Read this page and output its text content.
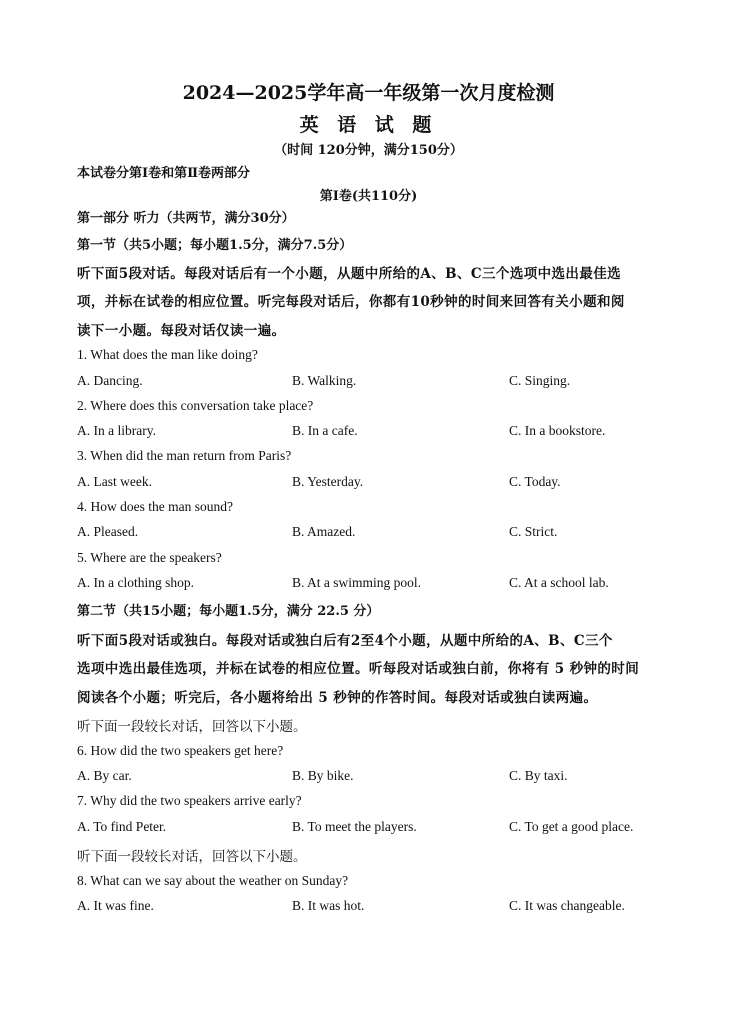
2024—2025学年高一年级第一次月度检测
英 语 试 题
（时间 120分钟，满分150分）
本试卷分第Ⅰ卷和第Ⅱ卷两部分
第Ⅰ卷(共110分)
第一部分 听力（共两节，满分30分）
第一节（共5小题；每小题1.5分，满分7.5分）
听下面5段对话。每段对话后有一个小题，从题中所给的A、B、C三个选项中选出最佳选
项，并标在试卷的相应位置。听完每段对话后，你都有10秒钟的时间来回答有关小题和阅
读下一小题。每段对话仅读一遍。
1. What does the man like doing?
A. Dancing.	B. Walking.	C. Singing.
2. Where does this conversation take place?
A. In a library.	B. In a cafe.	C. In a bookstore.
3. When did the man return from Paris?
A. Last week.	B. Yesterday.	C. Today.
4. How does the man sound?
A. Pleased.	B. Amazed.	C. Strict.
5. Where are the speakers?
A. In a clothing shop.	B. At a swimming pool.	C. At a school lab.
第二节（共15小题；每小题1.5分，满分 22.5 分）
听下面5段对话或独白。每段对话或独白后有2至4个小题，从题中所给的A、B、C三个
选项中选出最佳选项，并标在试卷的相应位置。听每段对话或独白前，你将有 5 秒钟的时间
阅读各个小题；听完后，各小题将给出 5 秒钟的作答时间。每段对话或独白读两遍。
听下面一段较长对话，回答以下小题。
6. How did the two speakers get here?
A. By car.	B. By bike.	C. By taxi.
7. Why did the two speakers arrive early?
A. To find Peter.	B. To meet the players.	C. To get a good place.
听下面一段较长对话，回答以下小题。
8. What can we say about the weather on Sunday?
A. It was fine.	B. It was hot.	C. It was changeable.
